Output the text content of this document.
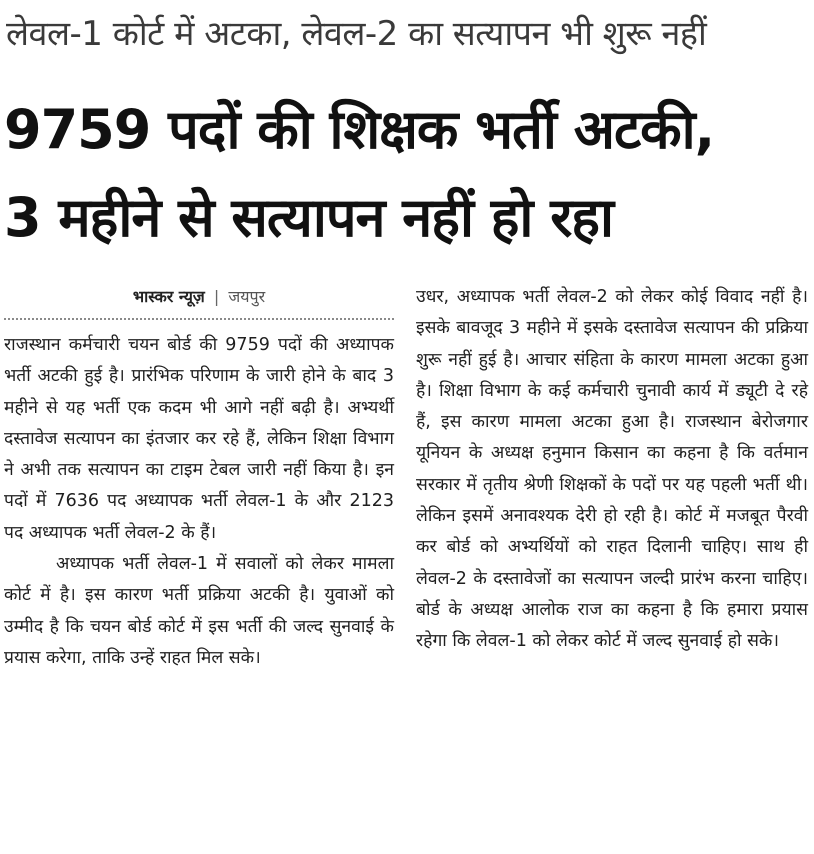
लेवल-1 कोर्ट में अटका, लेवल-2 का सत्यापन भी शुरू नहीं
9759 पदों की शिक्षक भर्ती अटकी,
3 महीने से सत्यापन नहीं हो रहा
भास्कर न्यूज़ | जयपुर

राजस्थान कर्मचारी चयन बोर्ड की 9759 पदों की अध्यापक भर्ती अटकी हुई है। प्रारंभिक परिणाम के जारी होने के बाद 3 महीने से यह भर्ती एक कदम भी आगे नहीं बढ़ी है। अभ्यर्थी दस्तावेज सत्यापन का इंतजार कर रहे हैं, लेकिन शिक्षा विभाग ने अभी तक सत्यापन का टाइम टेबल जारी नहीं किया है। इन पदों में 7636 पद अध्यापक भर्ती लेवल-1 के और 2123 पद अध्यापक भर्ती लेवल-2 के हैं।

अध्यापक भर्ती लेवल-1 में सवालों को लेकर मामला कोर्ट में है। इस कारण भर्ती प्रक्रिया अटकी है। युवाओं को उम्मीद है कि चयन बोर्ड कोर्ट में इस भर्ती की जल्द सुनवाई के प्रयास करेगा, ताकि उन्हें राहत मिल सके।

उधर, अध्यापक भर्ती लेवल-2 को लेकर कोई विवाद नहीं है। इसके बावजूद 3 महीने में इसके दस्तावेज सत्यापन की प्रक्रिया शुरू नहीं हुई है। आचार संहिता के कारण मामला अटका हुआ है। शिक्षा विभाग के कई कर्मचारी चुनावी कार्य में ड्यूटी दे रहे हैं, इस कारण मामला अटका हुआ है। राजस्थान बेरोजगार यूनियन के अध्यक्ष हनुमान किसान का कहना है कि वर्तमान सरकार में तृतीय श्रेणी शिक्षकों के पदों पर यह पहली भर्ती थी। लेकिन इसमें अनावश्यक देरी हो रही है। कोर्ट में मजबूत पैरवी कर बोर्ड को अभ्यर्थियों को राहत दिलानी चाहिए। साथ ही लेवल-2 के दस्तावेजों का सत्यापन जल्दी प्रारंभ करना चाहिए। बोर्ड के अध्यक्ष आलोक राज का कहना है कि हमारा प्रयास रहेगा कि लेवल-1 को लेकर कोर्ट में जल्द सुनवाई हो सके।
